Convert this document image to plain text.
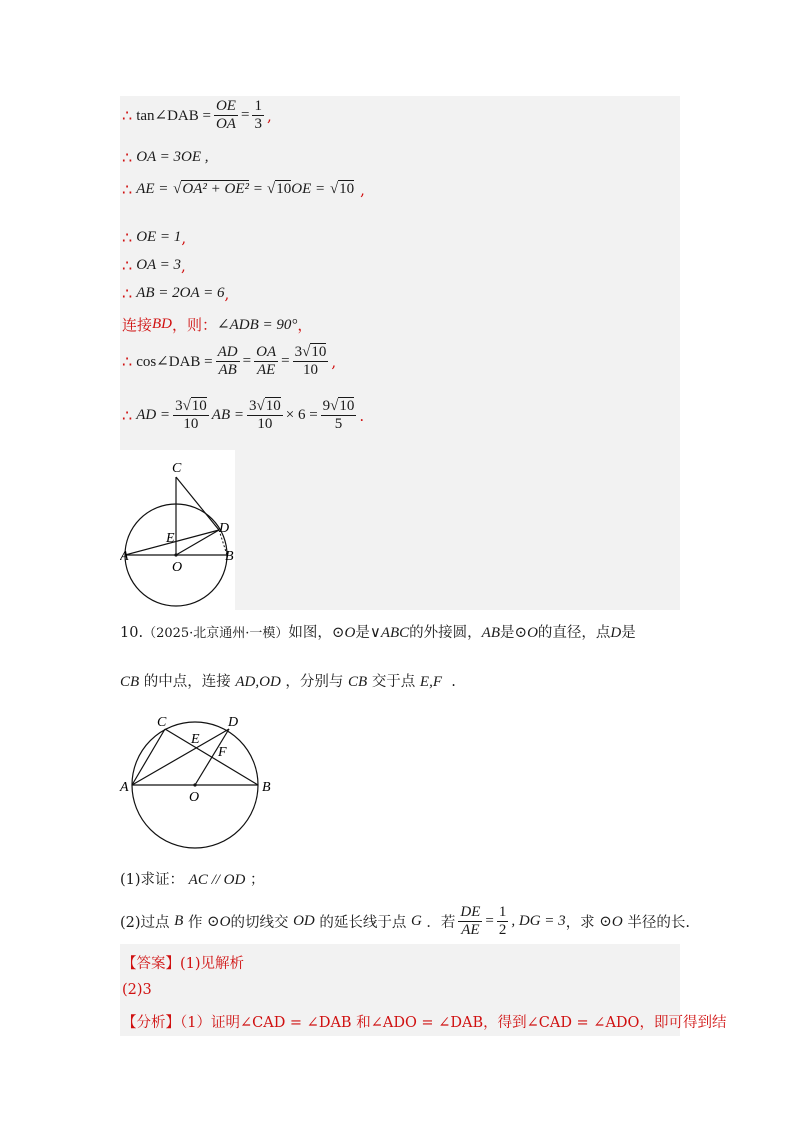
∴ tan∠DAB = $\frac{OE}{OA} = \frac{1}{3}$ ,
∴ OA = 3OE ,
∴ AE =
√OA² + OE²
=
√10 OE =
√10 ,
∴ OE = 1 ,
∴ OA = 3 ,
∴ AB = 2OA = 6 ,
连接 BD ，则： ∠ADB = 90° ，
∴ cos∠DAB = $\frac{AD}{AB} = \frac{OA}{AE} = \frac{3√10}{10}$ ,
∴ AD = $\frac{3√10}{10}$ AB = $\frac{3√10}{10} \times 6 = \frac{9√10}{5}$ .
C
D
E
A	B
O
10.（2025·北京通州·一模）如图，⊙O是∨ABC的外接圆，AB是⊙O的直径，点D是
CB 的中点，连接 AD,OD ，分别与 CB 交于点 E,F .
C	D
E
F
A	B
O
(1)求证： AC // OD ；
(2)过点
B
作
⊙O 的切线交
OD
的延长线于点
G
．若 $\frac{DE}{AE} = \frac{1}{2}$ , DG = 3 ，求
⊙O
半径的长.
【答案】(1)见解析
(2)3
【分析】（1）证明∠CAD = ∠DAB 和∠ADO = ∠DAB，得到∠CAD = ∠ADO，即可得到结
